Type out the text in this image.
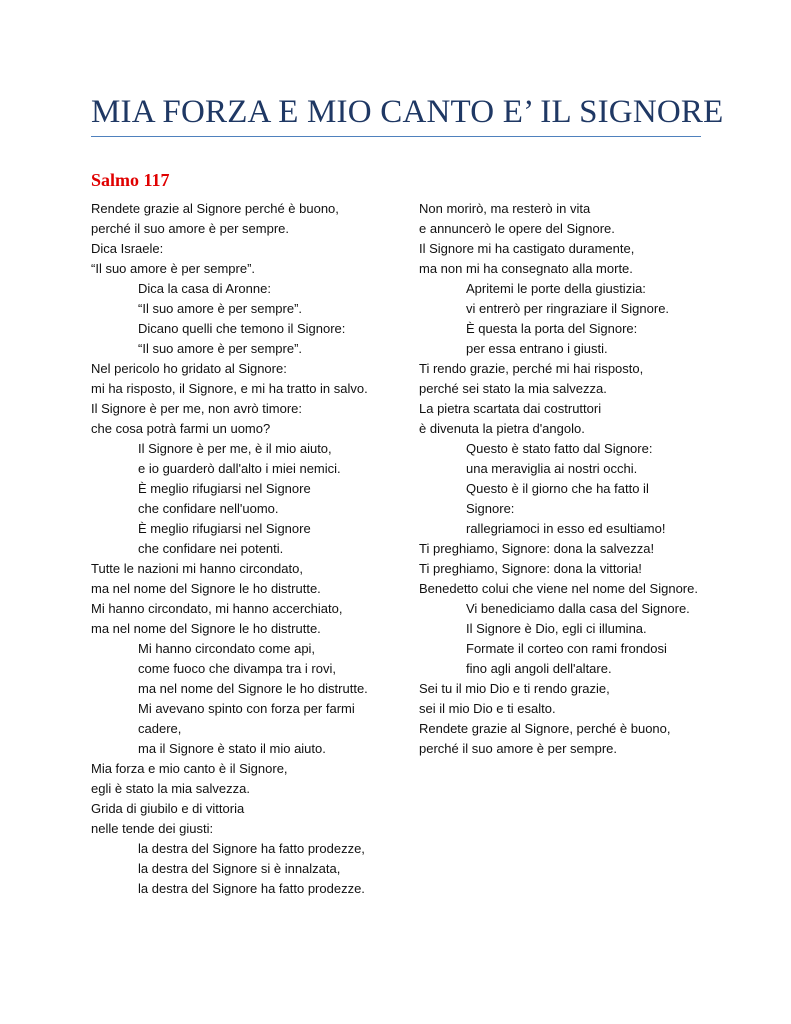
MIA FORZA E MIO CANTO E’ IL SIGNORE
Salmo 117
Rendete grazie al Signore perché è buono,
perché il suo amore è per sempre.
Dica Israele:
“Il suo amore è per sempre”.
Dica la casa di Aronne:
“Il suo amore è per sempre”.
Dicano quelli che temono il Signore:
“Il suo amore è per sempre”.
Nel pericolo ho gridato al Signore:
mi ha risposto, il Signore, e mi ha tratto in salvo.
Il Signore è per me, non avrò timore:
che cosa potrà farmi un uomo?
Il Signore è per me, è il mio aiuto,
e io guarderò dall'alto i miei nemici.
È meglio rifugiarsi nel Signore
che confidare nell'uomo.
È meglio rifugiarsi nel Signore
che confidare nei potenti.
Tutte le nazioni mi hanno circondato,
ma nel nome del Signore le ho distrutte.
Mi hanno circondato, mi hanno accerchiato,
ma nel nome del Signore le ho distrutte.
Mi hanno circondato come api,
come fuoco che divampa tra i rovi,
ma nel nome del Signore le ho distrutte.
Mi avevano spinto con forza per farmi
cadere,
ma il Signore è stato il mio aiuto.
Mia forza e mio canto è il Signore,
egli è stato la mia salvezza.
Grida di giubilo e di vittoria
nelle tende dei giusti:
la destra del Signore ha fatto prodezze,
la destra del Signore si è innalzata,
la destra del Signore ha fatto prodezze.
Non morirò, ma resterò in vita
e annuncerò le opere del Signore.
Il Signore mi ha castigato duramente,
ma non mi ha consegnato alla morte.
Apritemi le porte della giustizia:
vi entrerò per ringraziare il Signore.
È questa la porta del Signore:
per essa entrano i giusti.
Ti rendo grazie, perché mi hai risposto,
perché sei stato la mia salvezza.
La pietra scartata dai costruttori
è divenuta la pietra d'angolo.
Questo è stato fatto dal Signore:
una meraviglia ai nostri occhi.
Questo è il giorno che ha fatto il
Signore:
rallegriamoci in esso ed esultiamo!
Ti preghiamo, Signore: dona la salvezza!
Ti preghiamo, Signore: dona la vittoria!
Benedetto colui che viene nel nome del Signore.
Vi benediciamo dalla casa del Signore.
Il Signore è Dio, egli ci illumina.
Formate il corteo con rami frondosi
fino agli angoli dell'altare.
Sei tu il mio Dio e ti rendo grazie,
sei il mio Dio e ti esalto.
Rendete grazie al Signore, perché è buono,
perché il suo amore è per sempre.
